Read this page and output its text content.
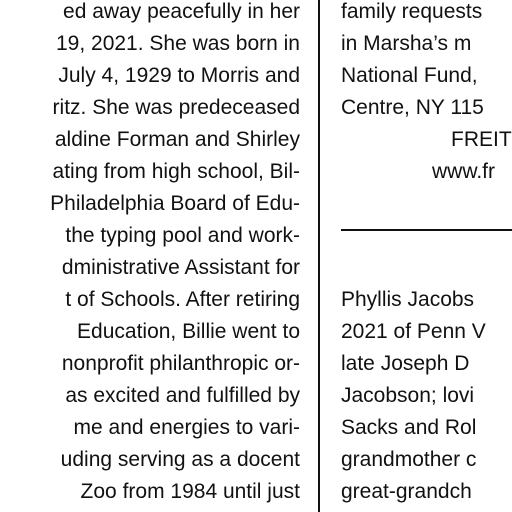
ed away peacefully in her
19, 2021. She was born in
July 4, 1929 to Morris and
ritz. She was predeceased
aldine Forman and Shirley
ating from high school, Bil-
Philadelphia Board of Edu-
the typing pool and work-
dministrative Assistant for
t of Schools. After retiring
Education, Billie went to
nonprofit philanthropic or-
as excited and fulfilled by
me and energies to vari-
uding serving as a docent
Zoo from 1984 until just
family requests
in Marsha’s m
National Fund,
Centre, NY 115
FREIT
www.fr
Phyllis Jacobs
2021 of Penn V
late Joseph D
Jacobson; lovi
Sacks and Rol
grandmother c
great-grandch
